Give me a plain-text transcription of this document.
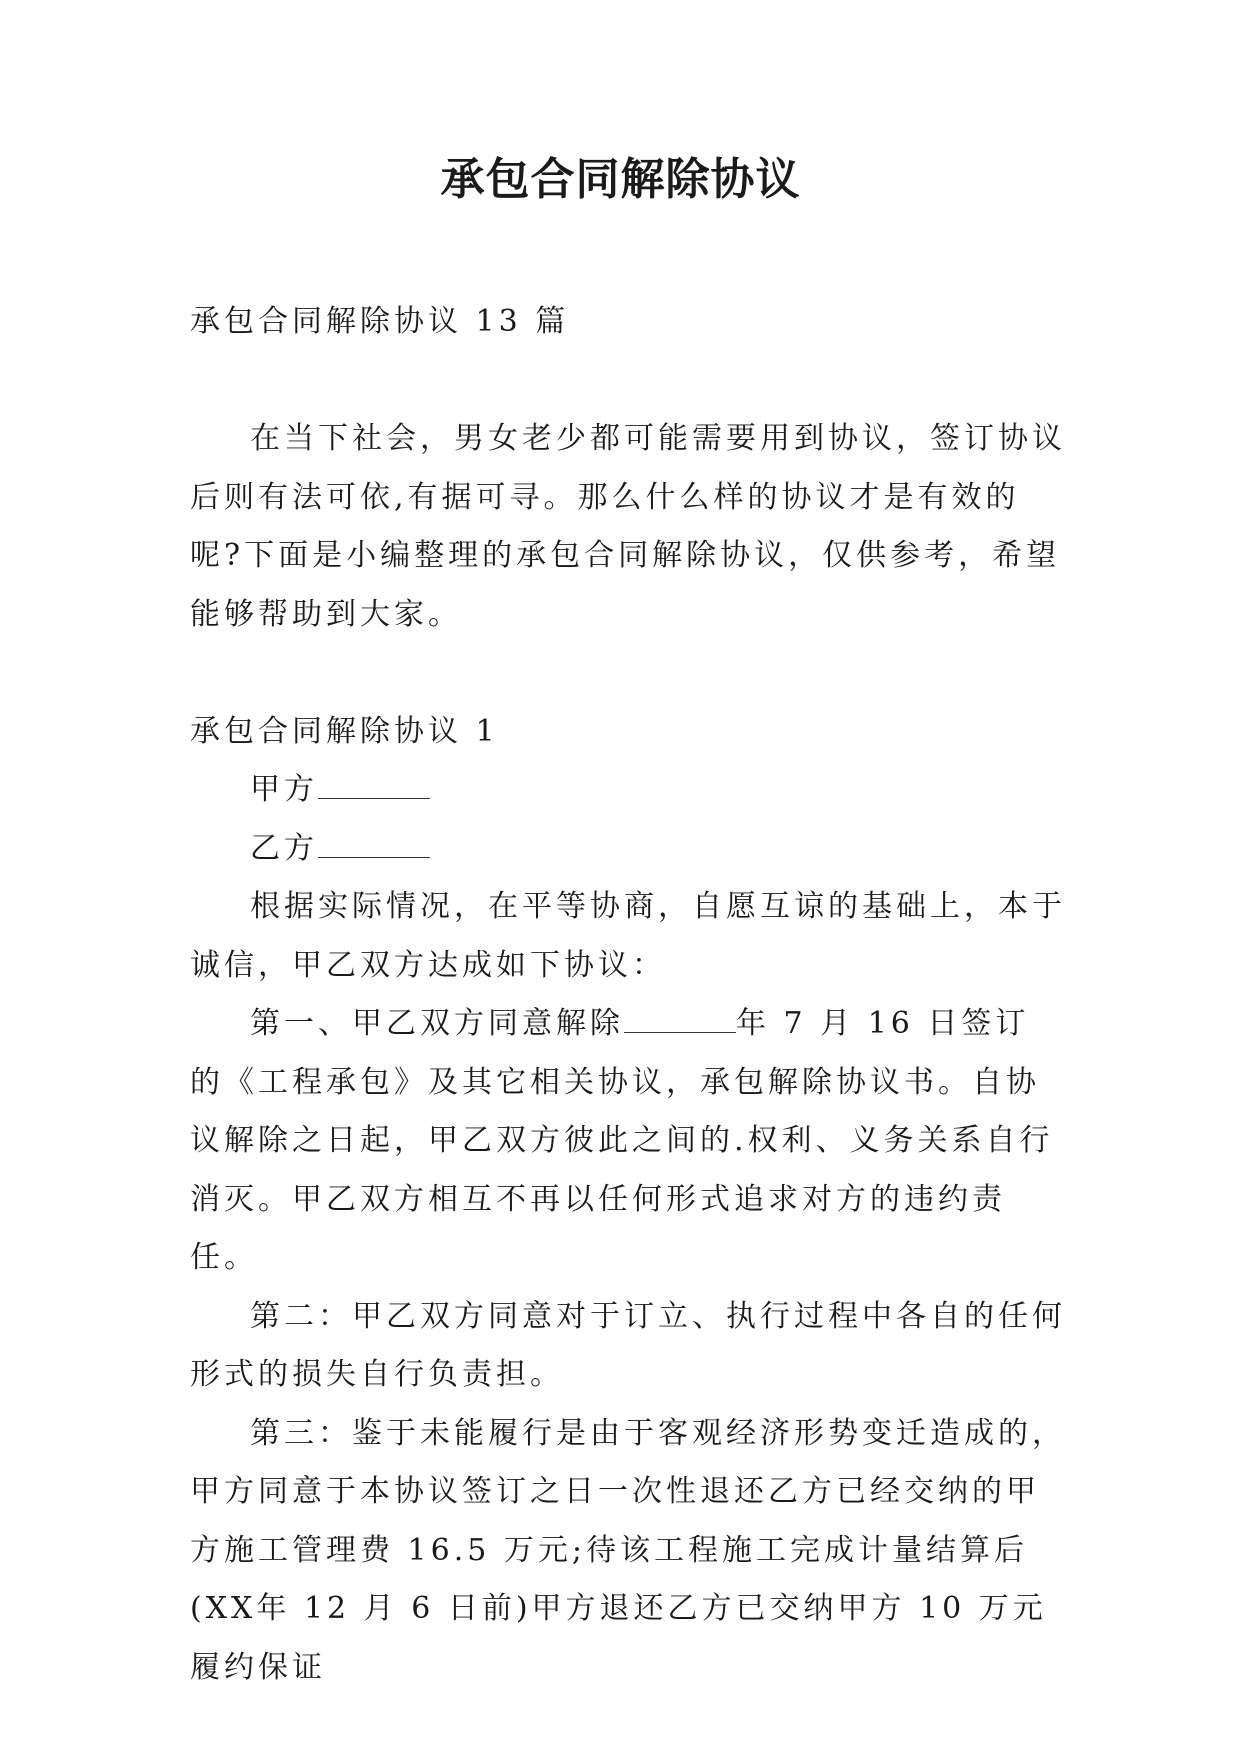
承包合同解除协议

承包合同解除协议 13 篇

在当下社会，男女老少都可能需要用到协议，签订协议后则有法可依,有据可寻。那么什么样的协议才是有效的呢?下面是小编整理的承包合同解除协议，仅供参考，希望能够帮助到大家。

承包合同解除协议 1

甲方

乙方

根据实际情况，在平等协商，自愿互谅的基础上，本于诚信，甲乙双方达成如下协议：

第一、甲乙双方同意解除	年 7 月 16 日签订 的《工程承包》及其它相关协议，承包解除协议书。自协议解除之日起，甲乙双方彼此之间的.权利、义务关系自行消灭。甲乙双方相互不再以任何形式追求对方的违约责任。

第二：甲乙双方同意对于订立、执行过程中各自的任何形式的损失自行负责担。

第三：鉴于未能履行是由于客观经济形势变迁造成的，甲方同意于本协议签订之日一次性退还乙方已经交纳的甲方施工管理费 16.5 万元;待该工程施工完成计量结算后(XX年 12 月 6 日前)甲方退还乙方已交纳甲方 10 万元履约保证
